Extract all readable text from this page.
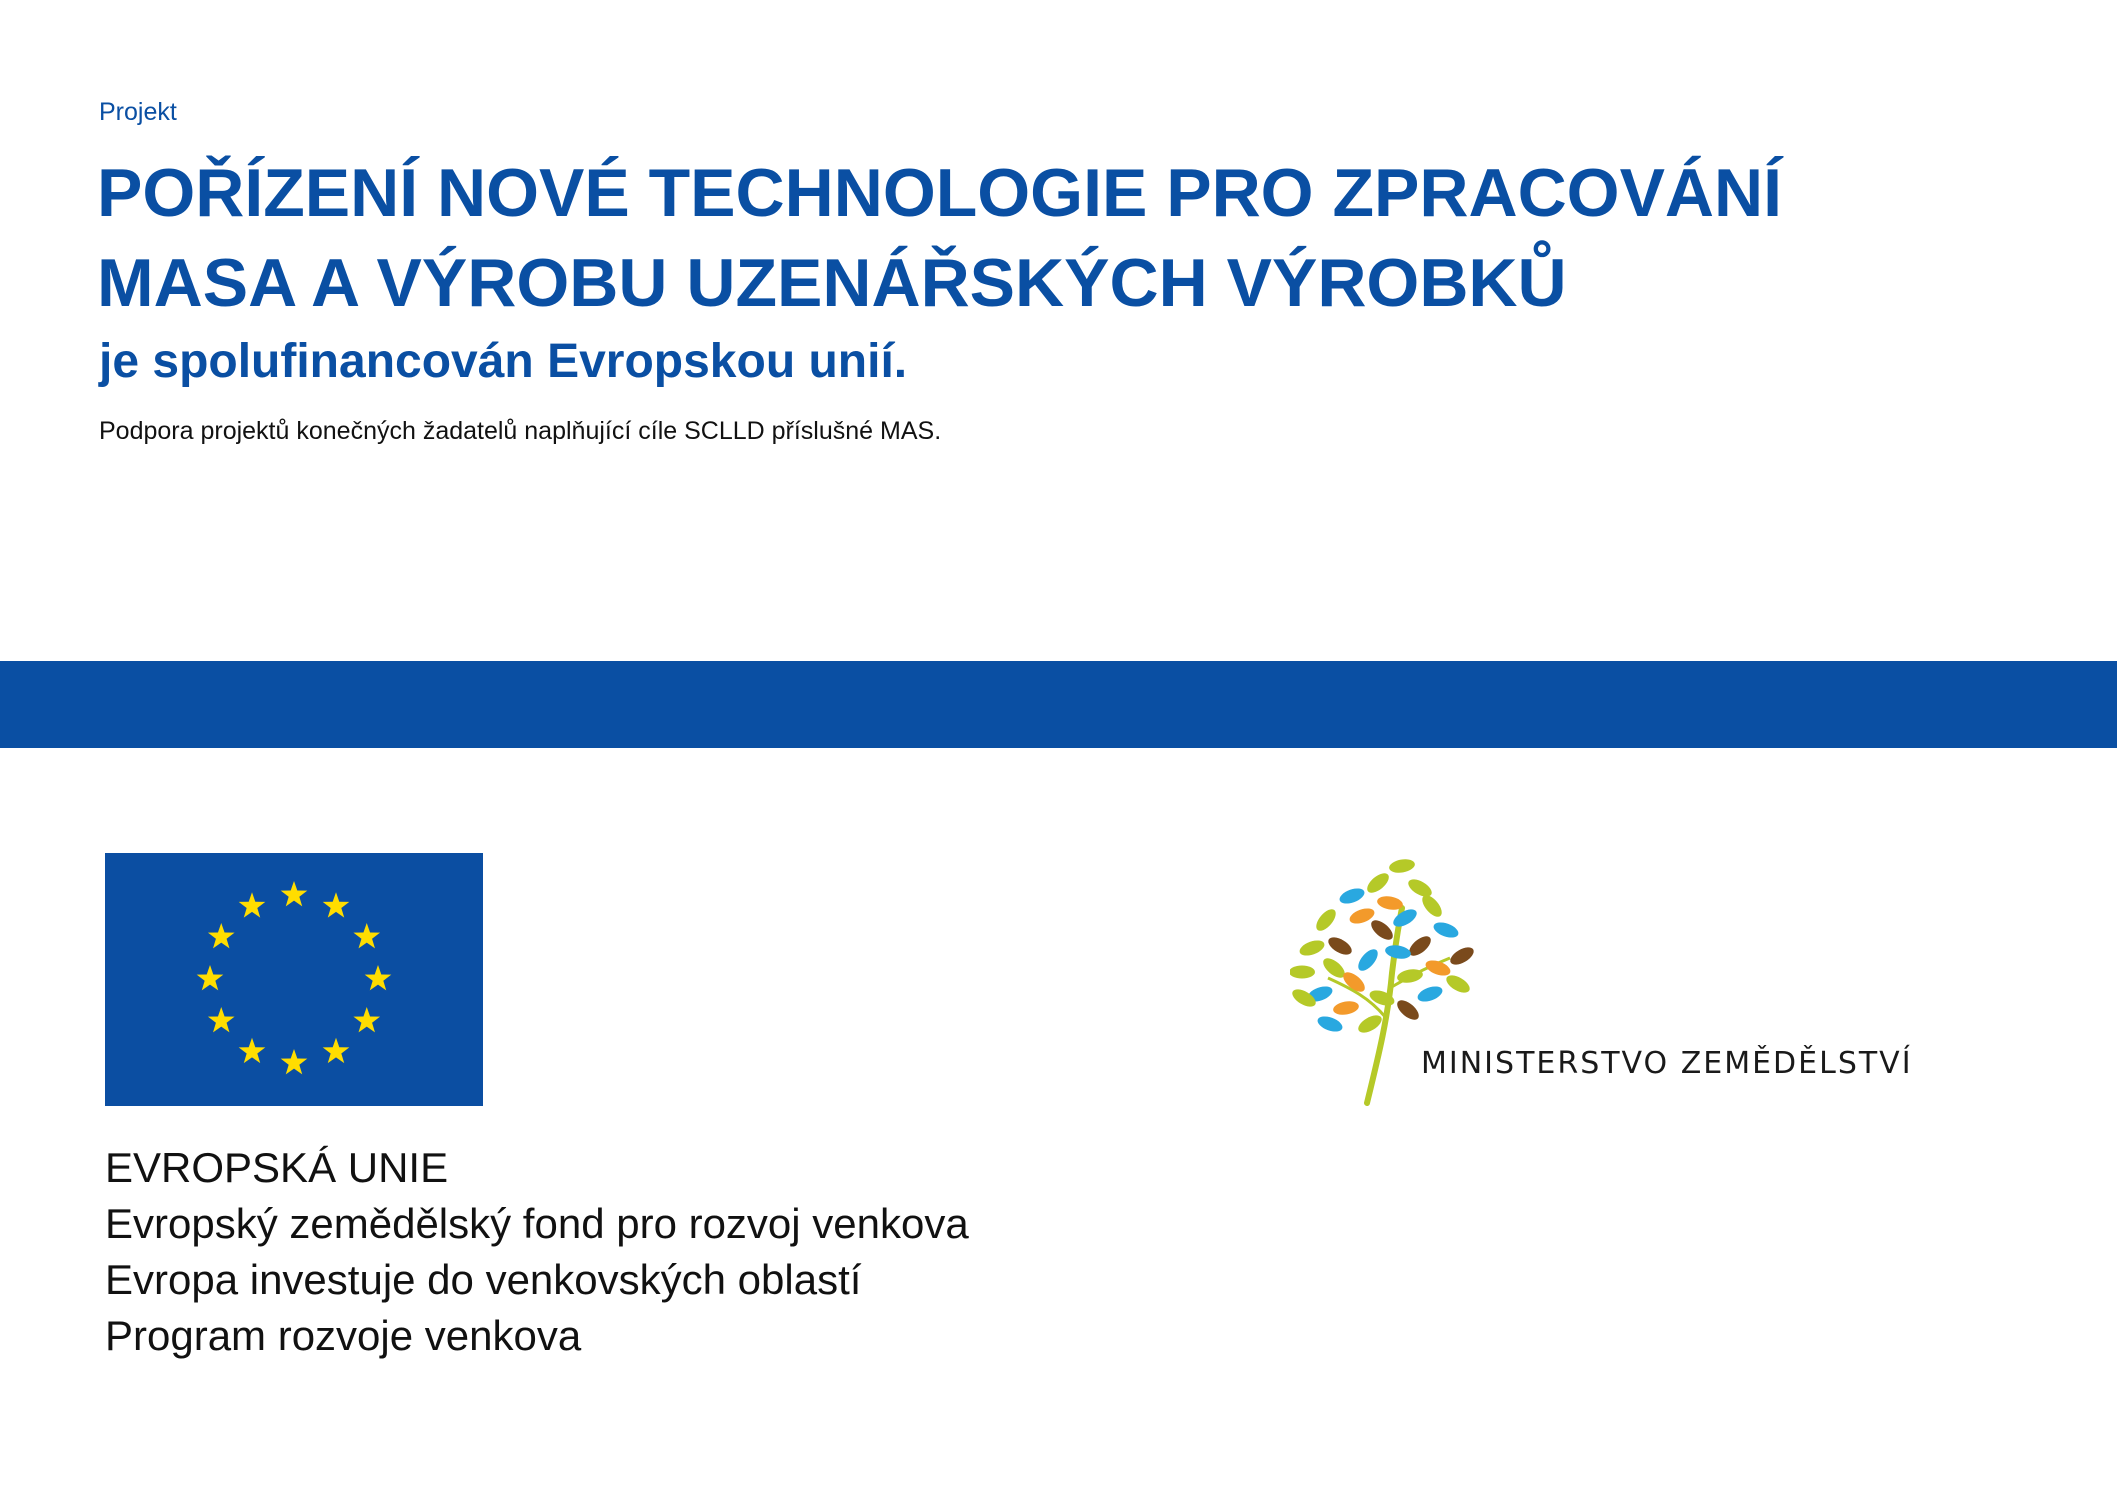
Projekt
POŘÍZENÍ NOVÉ TECHNOLOGIE PRO ZPRACOVÁNÍ
MASA A VÝROBU UZENÁŘSKÝCH VÝROBKŮ
je spolufinancován Evropskou unií.
Podpora projektů konečných žadatelů naplňující cíle SCLLD příslušné MAS.
EVROPSKÁ UNIE
Evropský zemědělský fond pro rozvoj venkova
Evropa investuje do venkovských oblastí
Program rozvoje venkova
MINISTERSTVO ZEMĚDĚLSTVÍ
